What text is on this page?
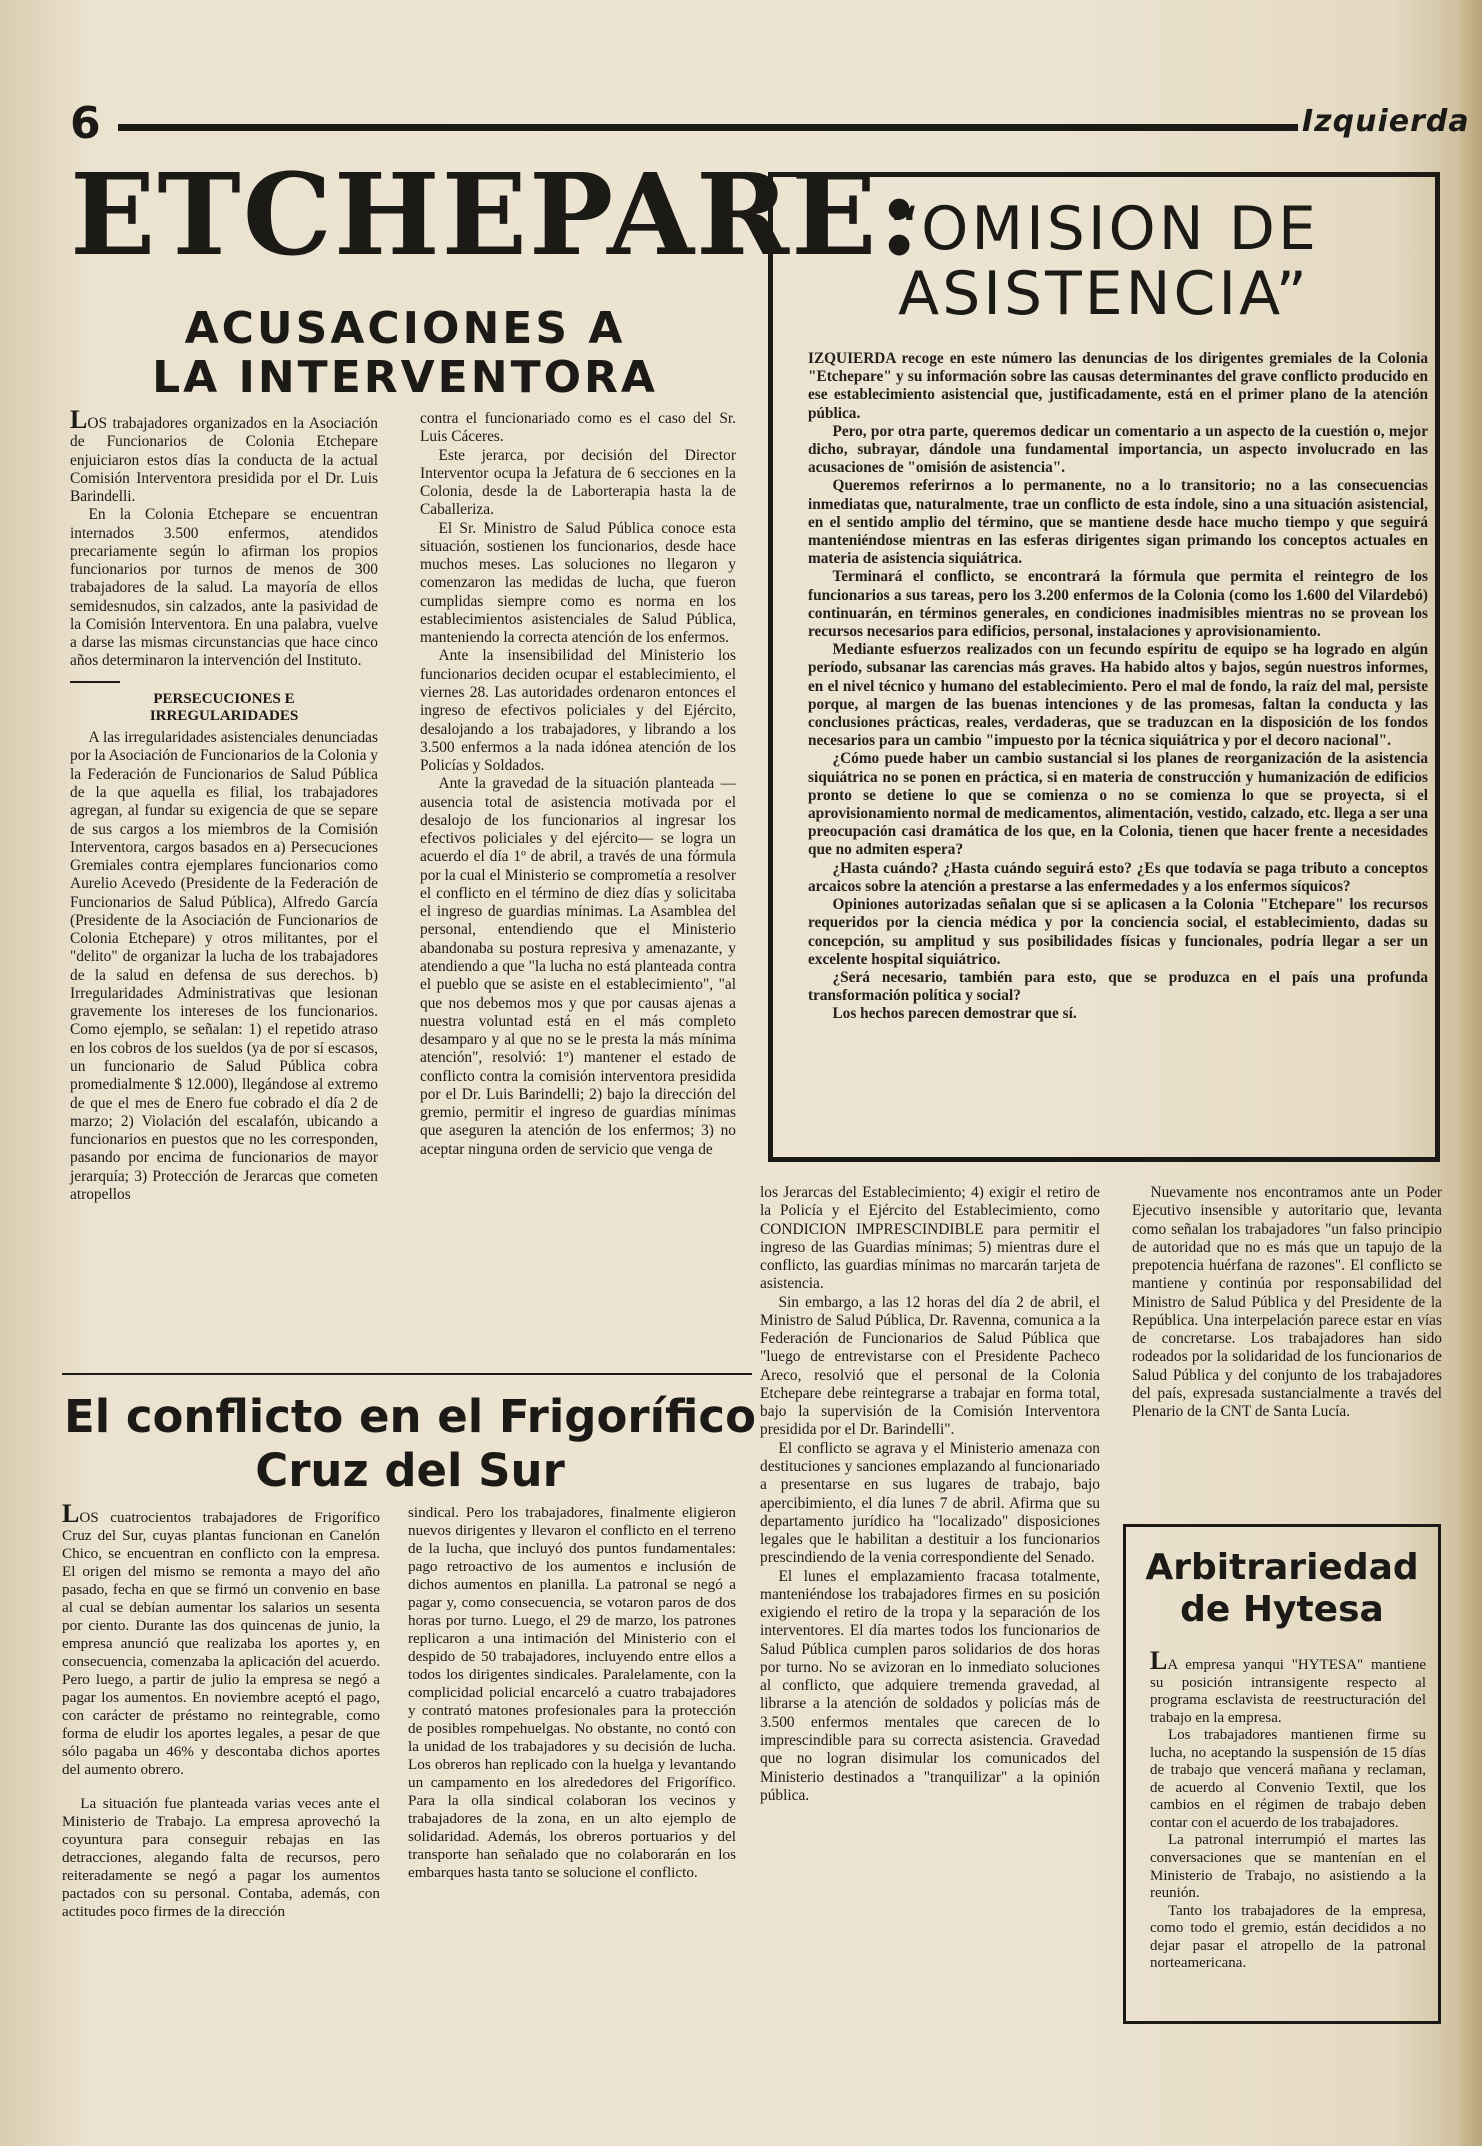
6	Izquierda
ETCHEPARE:
ACUSACIONES A
LA INTERVENTORA

LOS trabajadores organizados en la Asociación de Funcionarios de Colonia Etchepare enjuiciaron estos días la conducta de la actual Comisión Interventora presidida por el Dr. Luis Barindelli.

En la Colonia Etchepare se encuentran internados 3.500 enfermos, atendidos precariamente según lo afirman los propios funcionarios por turnos de menos de 300 trabajadores de la salud. La mayoría de ellos semidesnudos, sin calzados, ante la pasividad de la Comisión Interventora. En una palabra, vuelve a darse las mismas circunstancias que hace cinco años determinaron la intervención del Instituto.

PERSECUCIONES E
IRREGULARIDADES

A las irregularidades asistenciales denunciadas por la Asociación de Funcionarios de la Colonia y la Federación de Funcionarios de Salud Pública de la que aquella es filial, los trabajadores agregan, al fundar su exigencia de que se separe de sus cargos a los miembros de la Comisión Interventora, cargos basados en a) Persecuciones Gremiales contra ejemplares funcionarios como Aurelio Acevedo (Presidente de la Federación de Funcionarios de Salud Pública), Alfredo García (Presidente de la Asociación de Funcionarios de Colonia Etchepare) y otros militantes, por el "delito" de organizar la lucha de los trabajadores de la salud en defensa de sus derechos. b) Irregularidades Administrativas que lesionan gravemente los intereses de los funcionarios. Como ejemplo, se señalan: 1) el repetido atraso en los cobros de los sueldos (ya de por sí escasos, un funcionario de Salud Pública cobra promedialmente $ 12.000), llegándose al extremo de que el mes de Enero fue cobrado el día 2 de marzo; 2) Violación del escalafón, ubicando a funcionarios en puestos que no les corresponden, pasando por encima de funcionarios de mayor jerarquía; 3) Protección de Jerarcas que cometen atropellos

contra el funcionariado como es el caso del Sr. Luis Cáceres.

Este jerarca, por decisión del Director Interventor ocupa la Jefatura de 6 secciones en la Colonia, desde la de Laborterapia hasta la de Caballeriza.

El Sr. Ministro de Salud Pública conoce esta situación, sostienen los funcionarios, desde hace muchos meses. Las soluciones no llegaron y comenzaron las medidas de lucha, que fueron cumplidas siempre como es norma en los establecimientos asistenciales de Salud Pública, manteniendo la correcta atención de los enfermos.

Ante la insensibilidad del Ministerio los funcionarios deciden ocupar el establecimiento, el viernes 28. Las autoridades ordenaron entonces el ingreso de efectivos policiales y del Ejército, desalojando a los trabajadores, y librando a los 3.500 enfermos a la nada idónea atención de los Policías y Soldados.

Ante la gravedad de la situación planteada —ausencia total de asistencia motivada por el desalojo de los funcionarios al ingresar los efectivos policiales y del ejército— se logra un acuerdo el día 1º de abril, a través de una fórmula por la cual el Ministerio se comprometía a resolver el conflicto en el término de diez días y solicitaba el ingreso de guardias mínimas. La Asamblea del personal, entendiendo que el Ministerio abandonaba su postura represiva y amenazante, y atendiendo a que "la lucha no está planteada contra el pueblo que se asiste en el establecimiento", "al que nos debemos mos y que por causas ajenas a nuestra voluntad está en el más completo desamparo y al que no se le presta la más mínima atención", resolvió: 1º) mantener el estado de conflicto contra la comisión interventora presidida por el Dr. Luis Barindelli; 2) bajo la dirección del gremio, permitir el ingreso de guardias mínimas que aseguren la atención de los enfermos; 3) no aceptar ninguna orden de servicio que venga de

“OMISION DE
ASISTENCIA”

IZQUIERDA recoge en este número las denuncias de los dirigentes gremiales de la Colonia "Etchepare" y su información sobre las causas determinantes del grave conflicto producido en ese establecimiento asistencial que, justificadamente, está en el primer plano de la atención pública.

Pero, por otra parte, queremos dedicar un comentario a un aspecto de la cuestión o, mejor dicho, subrayar, dándole una fundamental importancia, un aspecto involucrado en las acusaciones de "omisión de asistencia".

Queremos referirnos a lo permanente, no a lo transitorio; no a las consecuencias inmediatas que, naturalmente, trae un conflicto de esta índole, sino a una situación asistencial, en el sentido amplio del término, que se mantiene desde hace mucho tiempo y que seguirá manteniéndose mientras en las esferas dirigentes sigan primando los conceptos actuales en materia de asistencia siquiátrica.

Terminará el conflicto, se encontrará la fórmula que permita el reintegro de los funcionarios a sus tareas, pero los 3.200 enfermos de la Colonia (como los 1.600 del Vilardebó) continuarán, en términos generales, en condiciones inadmisibles mientras no se provean los recursos necesarios para edificios, personal, instalaciones y aprovisionamiento.

Mediante esfuerzos realizados con un fecundo espíritu de equipo se ha logrado en algún período, subsanar las carencias más graves. Ha habido altos y bajos, según nuestros informes, en el nivel técnico y humano del establecimiento. Pero el mal de fondo, la raíz del mal, persiste porque, al margen de las buenas intenciones y de las promesas, faltan la conducta y las conclusiones prácticas, reales, verdaderas, que se traduzcan en la disposición de los fondos necesarios para un cambio "impuesto por la técnica siquiátrica y por el decoro nacional".

¿Cómo puede haber un cambio sustancial si los planes de reorganización de la asistencia siquiátrica no se ponen en práctica, si en materia de construcción y humanización de edificios pronto se detiene lo que se comienza o no se comienza lo que se proyecta, si el aprovisionamiento normal de medicamentos, alimentación, vestido, calzado, etc. llega a ser una preocupación casi dramática de los que, en la Colonia, tienen que hacer frente a necesidades que no admiten espera?

¿Hasta cuándo? ¿Hasta cuándo seguirá esto? ¿Es que todavía se paga tributo a conceptos arcaicos sobre la atención a prestarse a las enfermedades y a los enfermos síquicos?

Opiniones autorizadas señalan que si se aplicasen a la Colonia "Etchepare" los recursos requeridos por la ciencia médica y por la conciencia social, el establecimiento, dadas su concepción, su amplitud y sus posibilidades físicas y funcionales, podría llegar a ser un excelente hospital siquiátrico.

¿Será necesario, también para esto, que se produzca en el país una profunda transformación política y social?

Los hechos parecen demostrar que sí.

los Jerarcas del Establecimiento; 4) exigir el retiro de la Policía y el Ejército del Establecimiento, como CONDICION IMPRESCINDIBLE para permitir el ingreso de las Guardias mínimas; 5) mientras dure el conflicto, las guardias mínimas no marcarán tarjeta de asistencia.

Sin embargo, a las 12 horas del día 2 de abril, el Ministro de Salud Pública, Dr. Ravenna, comunica a la Federación de Funcionarios de Salud Pública que "luego de entrevistarse con el Presidente Pacheco Areco, resolvió que el personal de la Colonia Etchepare debe reintegrarse a trabajar en forma total, bajo la supervisión de la Comisión Interventora presidida por el Dr. Barindelli".

El conflicto se agrava y el Ministerio amenaza con destituciones y sanciones emplazando al funcionariado a presentarse en sus lugares de trabajo, bajo apercibimiento, el día lunes 7 de abril. Afirma que su departamento jurídico ha "localizado" disposiciones legales que le habilitan a destituir a los funcionarios prescindiendo de la venia correspondiente del Senado.

El lunes el emplazamiento fracasa totalmente, manteniéndose los trabajadores firmes en su posición exigiendo el retiro de la tropa y la separación de los interventores. El día martes todos los funcionarios de Salud Pública cumplen paros solidarios de dos horas por turno. No se avizoran en lo inmediato soluciones al conflicto, que adquiere tremenda gravedad, al librarse a la atención de soldados y policías más de 3.500 enfermos mentales que carecen de lo imprescindible para su correcta asistencia. Gravedad que no logran disimular los comunicados del Ministerio destinados a "tranquilizar" a la opinión pública.

Nuevamente nos encontramos ante un Poder Ejecutivo insensible y autoritario que, levanta como señalan los trabajadores "un falso principio de autoridad que no es más que un tapujo de la prepotencia huérfana de razones". El conflicto se mantiene y continúa por responsabilidad del Ministro de Salud Pública y del Presidente de la República. Una interpelación parece estar en vías de concretarse. Los trabajadores han sido rodeados por la solidaridad de los funcionarios de Salud Pública y del conjunto de los trabajadores del país, expresada sustancialmente a través del Plenario de la CNT de Santa Lucía.

El conflicto en el Frigorífico
Cruz del Sur

LOS cuatrocientos trabajadores de Frigorífico Cruz del Sur, cuyas plantas funcionan en Canelón Chico, se encuentran en conflicto con la empresa. El origen del mismo se remonta a mayo del año pasado, fecha en que se firmó un convenio en base al cual se debían aumentar los salarios un sesenta por ciento. Durante las dos quincenas de junio, la empresa anunció que realizaba los aportes y, en consecuencia, comenzaba la aplicación del acuerdo. Pero luego, a partir de julio la empresa se negó a pagar los aumentos. En noviembre aceptó el pago, con carácter de préstamo no reintegrable, como forma de eludir los aportes legales, a pesar de que sólo pagaba un 46% y descontaba dichos aportes del aumento obrero.

La situación fue planteada varias veces ante el Ministerio de Trabajo. La empresa aprovechó la coyuntura para conseguir rebajas en las detracciones, alegando falta de recursos, pero reiteradamente se negó a pagar los aumentos pactados con su personal. Contaba, además, con actitudes poco firmes de la dirección

sindical. Pero los trabajadores, finalmente eligieron nuevos dirigentes y llevaron el conflicto en el terreno de la lucha, que incluyó dos puntos fundamentales: pago retroactivo de los aumentos e inclusión de dichos aumentos en planilla. La patronal se negó a pagar y, como consecuencia, se votaron paros de dos horas por turno. Luego, el 29 de marzo, los patrones replicaron a una intimación del Ministerio con el despido de 50 trabajadores, incluyendo entre ellos a todos los dirigentes sindicales. Paralelamente, con la complicidad policial encarceló a cuatro trabajadores y contrató matones profesionales para la protección de posibles rompehuelgas. No obstante, no contó con la unidad de los trabajadores y su decisión de lucha. Los obreros han replicado con la huelga y levantando un campamento en los alrededores del Frigorífico. Para la olla sindical colaboran los vecinos y trabajadores de la zona, en un alto ejemplo de solidaridad. Además, los obreros portuarios y del transporte han señalado que no colaborarán en los embarques hasta tanto se solucione el conflicto.

Arbitrariedad
de Hytesa

LA empresa yanqui "HYTESA" mantiene su posición intransigente respecto al programa esclavista de reestructuración del trabajo en la empresa.

Los trabajadores mantienen firme su lucha, no aceptando la suspensión de 15 días de trabajo que vencerá mañana y reclaman, de acuerdo al Convenio Textil, que los cambios en el régimen de trabajo deben contar con el acuerdo de los trabajadores.

La patronal interrumpió el martes las conversaciones que se mantenían en el Ministerio de Trabajo, no asistiendo a la reunión.

Tanto los trabajadores de la empresa, como todo el gremio, están decididos a no dejar pasar el atropello de la patronal norteamericana.
